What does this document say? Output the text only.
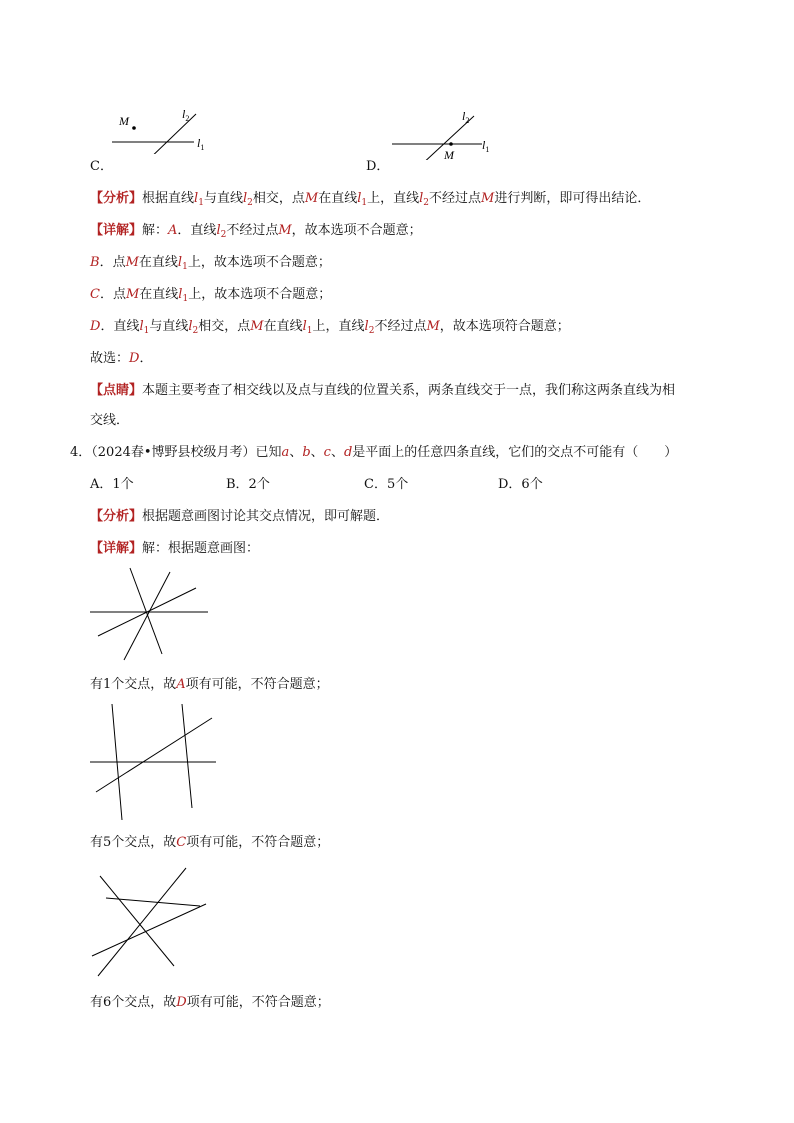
M	$l_2$
$l_1$
C．
M
$l_2$
$l_1$
D．
【分析】根据直线$l_1$与直线$l_2$相交，点M在直线$l_1$上，直线$l_2$不经过点M进行判断，即可得出结论．
【详解】解：A．直线$l_2$不经过点M，故本选项不合题意；
B．点M在直线$l_1$上，故本选项不合题意；
C．点M在直线$l_1$上，故本选项不合题意；
D．直线$l_1$与直线$l_2$相交，点M在直线$l_1$上，直线$l_2$不经过点M，故本选项符合题意；
故选：D．
【点睛】本题主要考查了相交线以及点与直线的位置关系，两条直线交于一点，我们称这两条直线为相
交线．
4．（2024春•博野县校级月考）已知a、b、c、d是平面上的任意四条直线，它们的交点不可能有（　　）
A．1个	B．2个	C．5个	D．6个
【分析】根据题意画图讨论其交点情况，即可解题．
【详解】解：根据题意画图：
有1个交点，故A项有可能，不符合题意；
有5个交点，故C项有可能，不符合题意；
有6个交点，故D项有可能，不符合题意；
